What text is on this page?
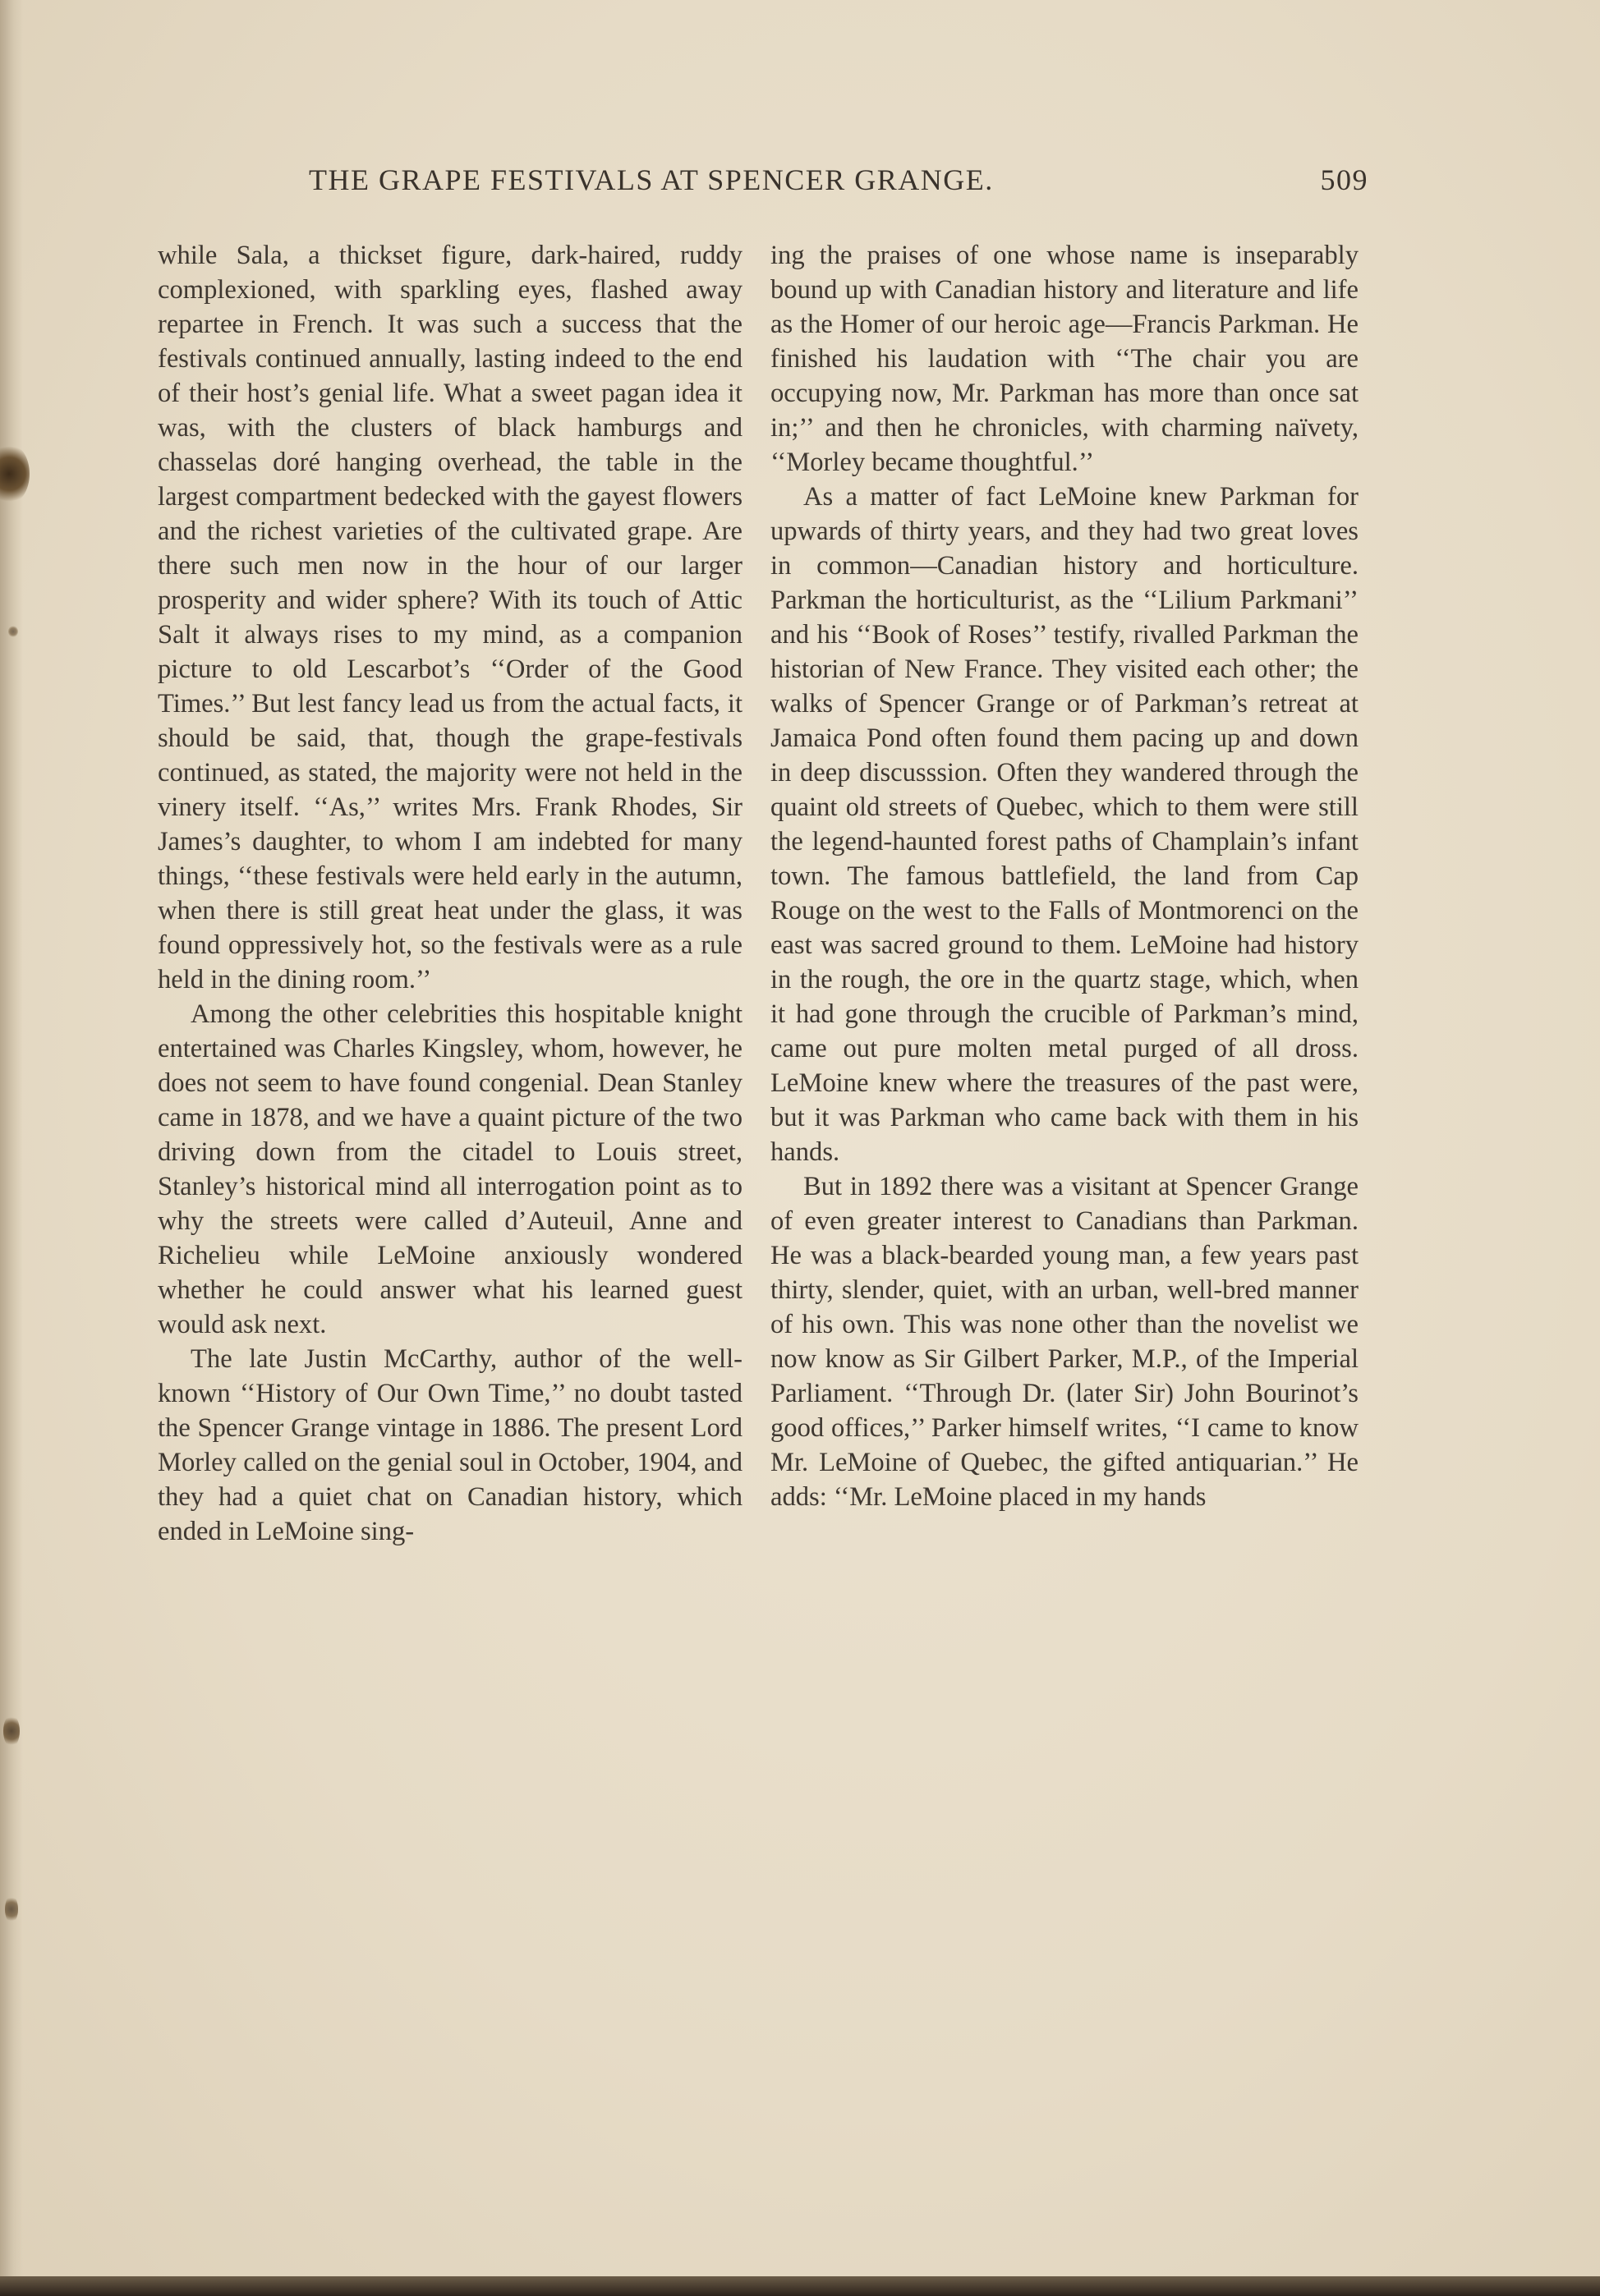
THE GRAPE FESTIVALS AT SPENCER GRANGE.	509

while Sala, a thickset figure, dark-haired, ruddy complexioned, with sparkling eyes, flashed away repartee in French. It was such a success that the festivals continued annually, lasting indeed to the end of their host’s genial life. What a sweet pagan idea it was, with the clusters of black hamburgs and chasselas doré hanging overhead, the table in the largest compartment bedecked with the gayest flowers and the richest varieties of the cultivated grape. Are there such men now in the hour of our larger prosperity and wider sphere? With its touch of Attic Salt it always rises to my mind, as a companion picture to old Lescarbot’s ‘‘Order of the Good Times.’’ But lest fancy lead us from the actual facts, it should be said, that, though the grape-festivals continued, as stated, the majority were not held in the vinery itself. ‘‘As,’’ writes Mrs. Frank Rhodes, Sir James’s daughter, to whom I am indebted for many things, ‘‘these festivals were held early in the autumn, when there is still great heat under the glass, it was found oppressively hot, so the festivals were as a rule held in the dining room.’’

Among the other celebrities this hospitable knight entertained was Charles Kingsley, whom, however, he does not seem to have found congenial. Dean Stanley came in 1878, and we have a quaint picture of the two driving down from the citadel to Louis street, Stanley’s historical mind all interrogation point as to why the streets were called d’Auteuil, Anne and Richelieu while LeMoine anxiously wondered whether he could answer what his learned guest would ask next.

The late Justin McCarthy, author of the well-known ‘‘History of Our Own Time,’’ no doubt tasted the Spencer Grange vintage in 1886. The present Lord Morley called on the genial soul in October, 1904, and they had a quiet chat on Canadian history, which ended in LeMoine sing-

ing the praises of one whose name is inseparably bound up with Canadian history and literature and life as the Homer of our heroic age—Francis Parkman. He finished his laudation with ‘‘The chair you are occupying now, Mr. Parkman has more than once sat in;’’ and then he chronicles, with charming naïvety, ‘‘Morley became thoughtful.’’

As a matter of fact LeMoine knew Parkman for upwards of thirty years, and they had two great loves in common—Canadian history and horticulture. Parkman the horticulturist, as the ‘‘Lilium Parkmani’’ and his ‘‘Book of Roses’’ testify, rivalled Parkman the historian of New France. They visited each other; the walks of Spencer Grange or of Parkman’s retreat at Jamaica Pond often found them pacing up and down in deep discusssion. Often they wandered through the quaint old streets of Quebec, which to them were still the legend-haunted forest paths of Champlain’s infant town. The famous battlefield, the land from Cap Rouge on the west to the Falls of Montmorenci on the east was sacred ground to them. LeMoine had history in the rough, the ore in the quartz stage, which, when it had gone through the crucible of Parkman’s mind, came out pure molten metal purged of all dross. LeMoine knew where the treasures of the past were, but it was Parkman who came back with them in his hands.

But in 1892 there was a visitant at Spencer Grange of even greater interest to Canadians than Parkman. He was a black-bearded young man, a few years past thirty, slender, quiet, with an urban, well-bred manner of his own. This was none other than the novelist we now know as Sir Gilbert Parker, M.P., of the Imperial Parliament. ‘‘Through Dr. (later Sir) John Bourinot’s good offices,’’ Parker himself writes, ‘‘I came to know Mr. LeMoine of Quebec, the gifted antiquarian.’’ He adds: ‘‘Mr. LeMoine placed in my hands
